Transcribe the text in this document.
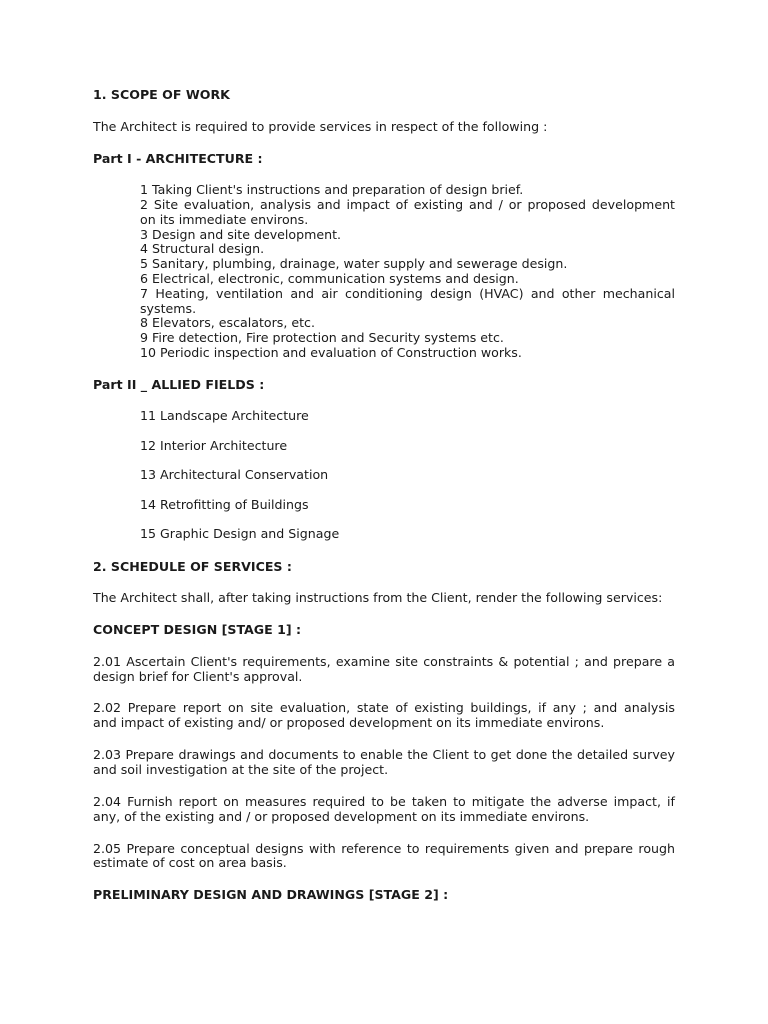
1. SCOPE OF WORK
The Architect is required to provide services in respect of the following :
Part I - ARCHITECTURE :
1 Taking Client's instructions and preparation of design brief.
2 Site evaluation, analysis and impact of existing and / or proposed development
on its immediate environs.
3 Design and site development.
4 Structural design.
5 Sanitary, plumbing, drainage, water supply and sewerage design.
6 Electrical, electronic, communication systems and design.
7 Heating, ventilation and air conditioning design (HVAC) and other mechanical
systems.
8 Elevators, escalators, etc.
9 Fire detection, Fire protection and Security systems etc.
10 Periodic inspection and evaluation of Construction works.
Part II _ ALLIED FIELDS :
11 Landscape Architecture
12 Interior Architecture
13 Architectural Conservation
14 Retrofitting of Buildings
15 Graphic Design and Signage
2. SCHEDULE OF SERVICES :
The Architect shall, after taking instructions from the Client, render the following services:
CONCEPT DESIGN [STAGE 1] :
2.01 Ascertain Client's requirements, examine site constraints & potential ; and prepare a
design brief for Client's approval.
2.02 Prepare report on site evaluation, state of existing buildings, if any ; and analysis
and impact of existing and/ or proposed development on its immediate environs.
2.03 Prepare drawings and documents to enable the Client to get done the detailed survey
and soil investigation at the site of the project.
2.04 Furnish report on measures required to be taken to mitigate the adverse impact, if
any, of the existing and / or proposed development on its immediate environs.
2.05 Prepare conceptual designs with reference to requirements given and prepare rough
estimate of cost on area basis.
PRELIMINARY DESIGN AND DRAWINGS [STAGE 2] :
